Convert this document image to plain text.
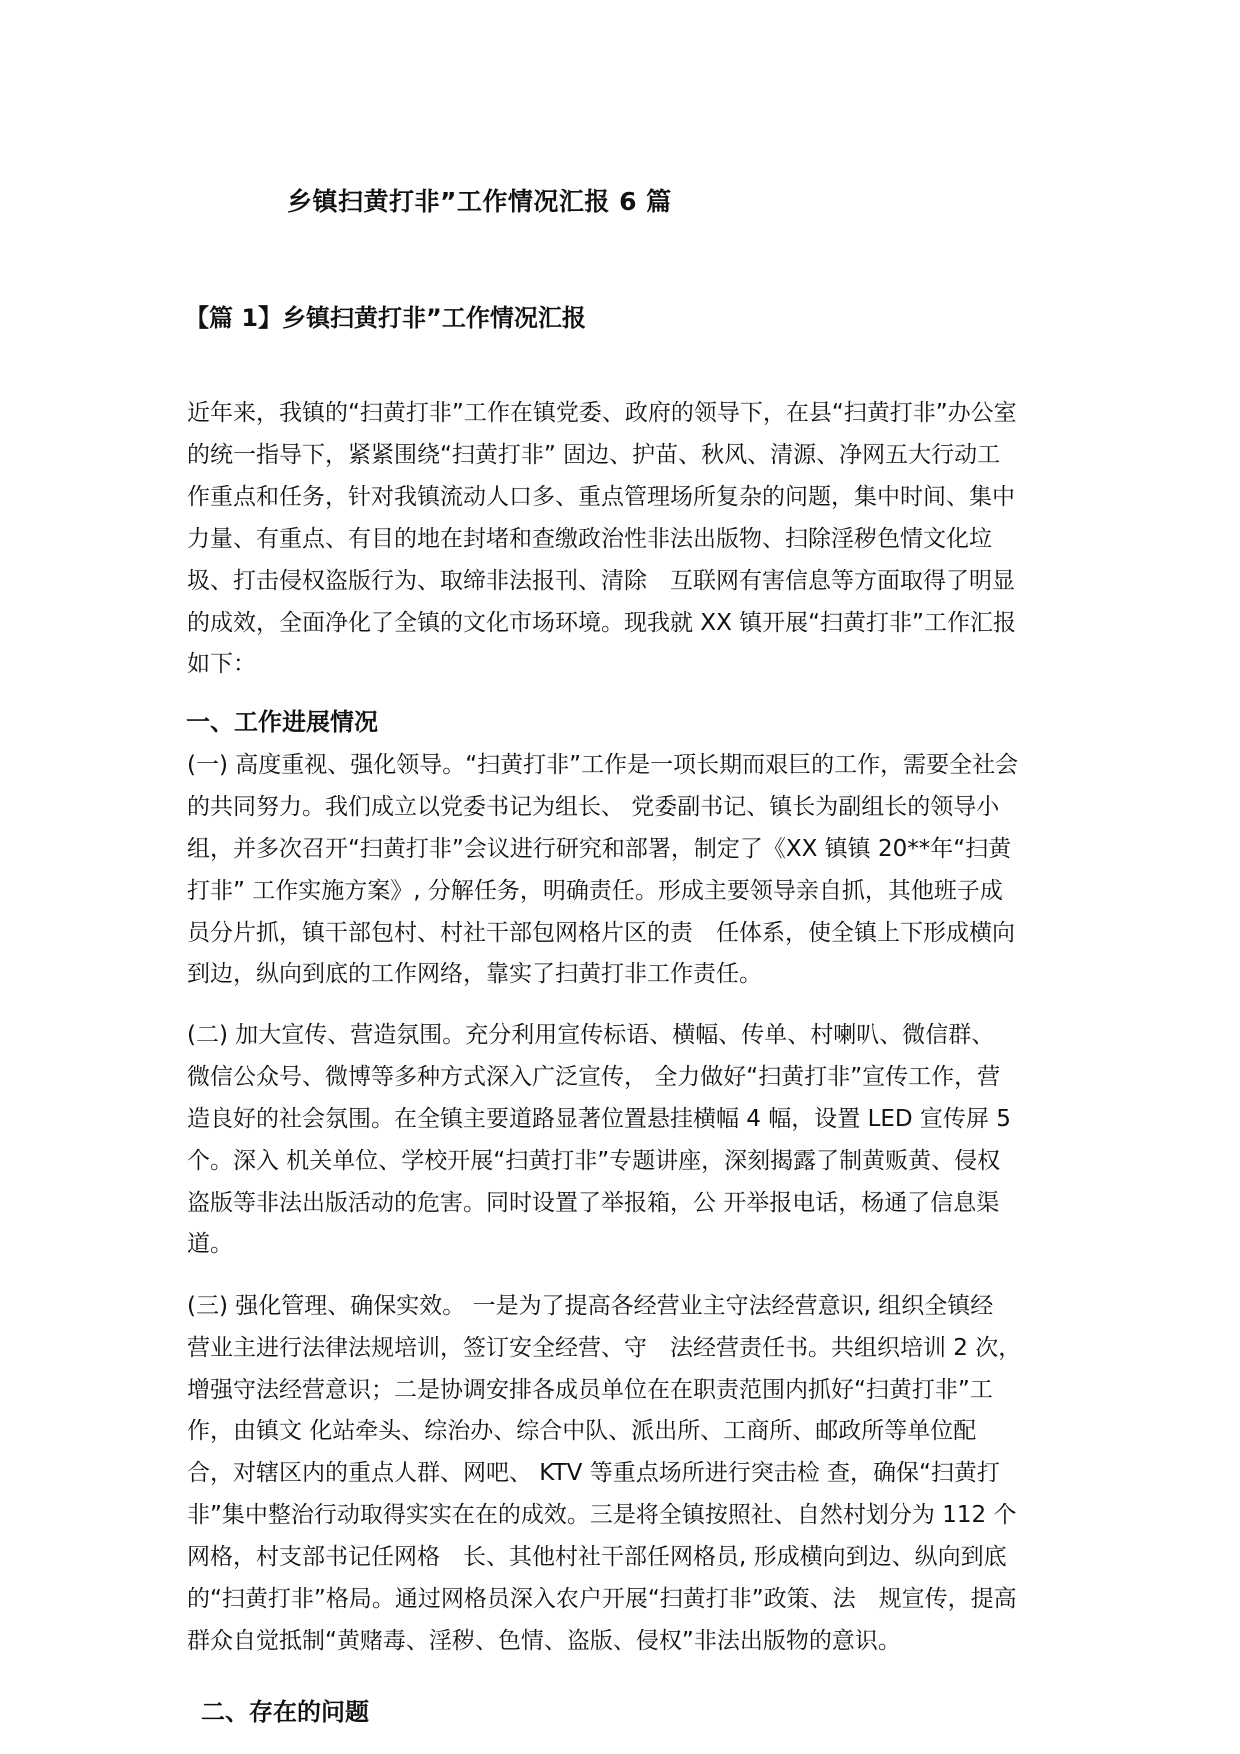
乡镇扫黄打非”工作情况汇报 6 篇
【篇 1】乡镇扫黄打非”工作情况汇报
近年来，我镇的“扫黄打非”工作在镇党委、政府的领导下，在县“扫黄打非”办公室
的统一指导下，紧紧围绕“扫黄打非” 固边、护苗、秋风、清源、净网五大行动工
作重点和任务，针对我镇流动人口多、重点管理场所复杂的问题，集中时间、集中
力量、有重点、有目的地在封堵和查缴政治性非法出版物、扫除淫秽色情文化垃
圾、打击侵权盗版行为、取缔非法报刊、清除　互联网有害信息等方面取得了明显
的成效，全面净化了全镇的文化市场环境。现我就 XX 镇开展“扫黄打非”工作汇报
如下：
一、工作进展情况
(一) 高度重视、强化领导。“扫黄打非”工作是一项长期而艰巨的工作，需要全社会
的共同努力。我们成立以党委书记为组长、 党委副书记、镇长为副组长的领导小
组，并多次召开“扫黄打非”会议进行研究和部署，制定了《XX 镇镇 20**年“扫黄
打非” 工作实施方案》, 分解任务，明确责任。形成主要领导亲自抓，其他班子成
员分片抓，镇干部包村、村社干部包网格片区的责　任体系，使全镇上下形成横向
到边，纵向到底的工作网络，靠实了扫黄打非工作责任。
(二) 加大宣传、营造氛围。充分利用宣传标语、横幅、传单、村喇叭、微信群、
微信公众号、微博等多种方式深入广泛宣传， 全力做好“扫黄打非”宣传工作，营
造良好的社会氛围。在全镇主要道路显著位置悬挂横幅 4 幅，设置 LED 宣传屏 5
个。深入 机关单位、学校开展“扫黄打非”专题讲座，深刻揭露了制黄贩黄、侵权
盗版等非法出版活动的危害。同时设置了举报箱，公 开举报电话，杨通了信息渠
道。
(三) 强化管理、确保实效。 一是为了提高各经营业主守法经营意识, 组织全镇经
营业主进行法律法规培训，签订安全经营、守　法经营责任书。共组织培训 2 次，
增强守法经营意识；二是协调安排各成员单位在在职责范围内抓好“扫黄打非”工
作，由镇文 化站牵头、综治办、综合中队、派出所、工商所、邮政所等单位配
合，对辖区内的重点人群、网吧、 KTV 等重点场所进行突击检 查，确保“扫黄打
非”集中整治行动取得实实在在的成效。三是将全镇按照社、自然村划分为 112 个
网格，村支部书记任网格　长、其他村社干部任网格员, 形成横向到边、纵向到底
的“扫黄打非”格局。通过网格员深入农户开展“扫黄打非”政策、法　规宣传，提高
群众自觉抵制“黄赌毒、淫秽、色情、盗版、侵权”非法出版物的意识。
二、存在的问题
